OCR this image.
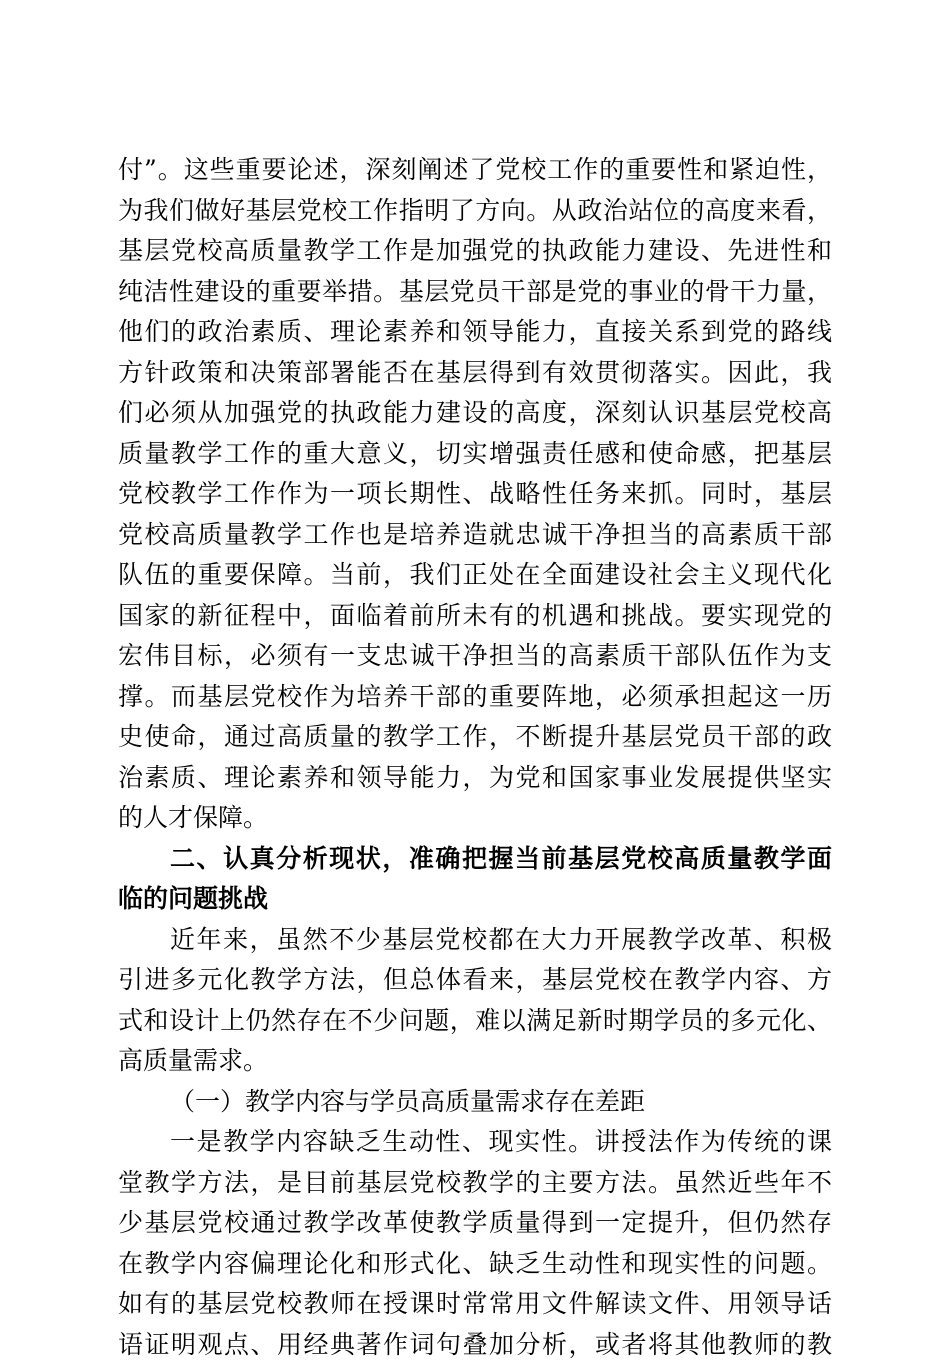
付”。这些重要论述，深刻阐述了党校工作的重要性和紧迫性，
为我们做好基层党校工作指明了方向。从政治站位的高度来看，
基层党校高质量教学工作是加强党的执政能力建设、先进性和
纯洁性建设的重要举措。基层党员干部是党的事业的骨干力量，
他们的政治素质、理论素养和领导能力，直接关系到党的路线
方针政策和决策部署能否在基层得到有效贯彻落实。因此，我
们必须从加强党的执政能力建设的高度，深刻认识基层党校高
质量教学工作的重大意义，切实增强责任感和使命感，把基层
党校教学工作作为一项长期性、战略性任务来抓。同时，基层
党校高质量教学工作也是培养造就忠诚干净担当的高素质干部
队伍的重要保障。当前，我们正处在全面建设社会主义现代化
国家的新征程中，面临着前所未有的机遇和挑战。要实现党的
宏伟目标，必须有一支忠诚干净担当的高素质干部队伍作为支
撑。而基层党校作为培养干部的重要阵地，必须承担起这一历
史使命，通过高质量的教学工作，不断提升基层党员干部的政
治素质、理论素养和领导能力，为党和国家事业发展提供坚实
的人才保障。
二、认真分析现状，准确把握当前基层党校高质量教学面
临的问题挑战
近年来，虽然不少基层党校都在大力开展教学改革、积极
引进多元化教学方法，但总体看来，基层党校在教学内容、方
式和设计上仍然存在不少问题，难以满足新时期学员的多元化、
高质量需求。
（一）教学内容与学员高质量需求存在差距
一是教学内容缺乏生动性、现实性。讲授法作为传统的课
堂教学方法，是目前基层党校教学的主要方法。虽然近些年不
少基层党校通过教学改革使教学质量得到一定提升，但仍然存
在教学内容偏理论化和形式化、缺乏生动性和现实性的问题。
如有的基层党校教师在授课时常常用文件解读文件、用领导话
语证明观点、用经典著作词句叠加分析，或者将其他教师的教
